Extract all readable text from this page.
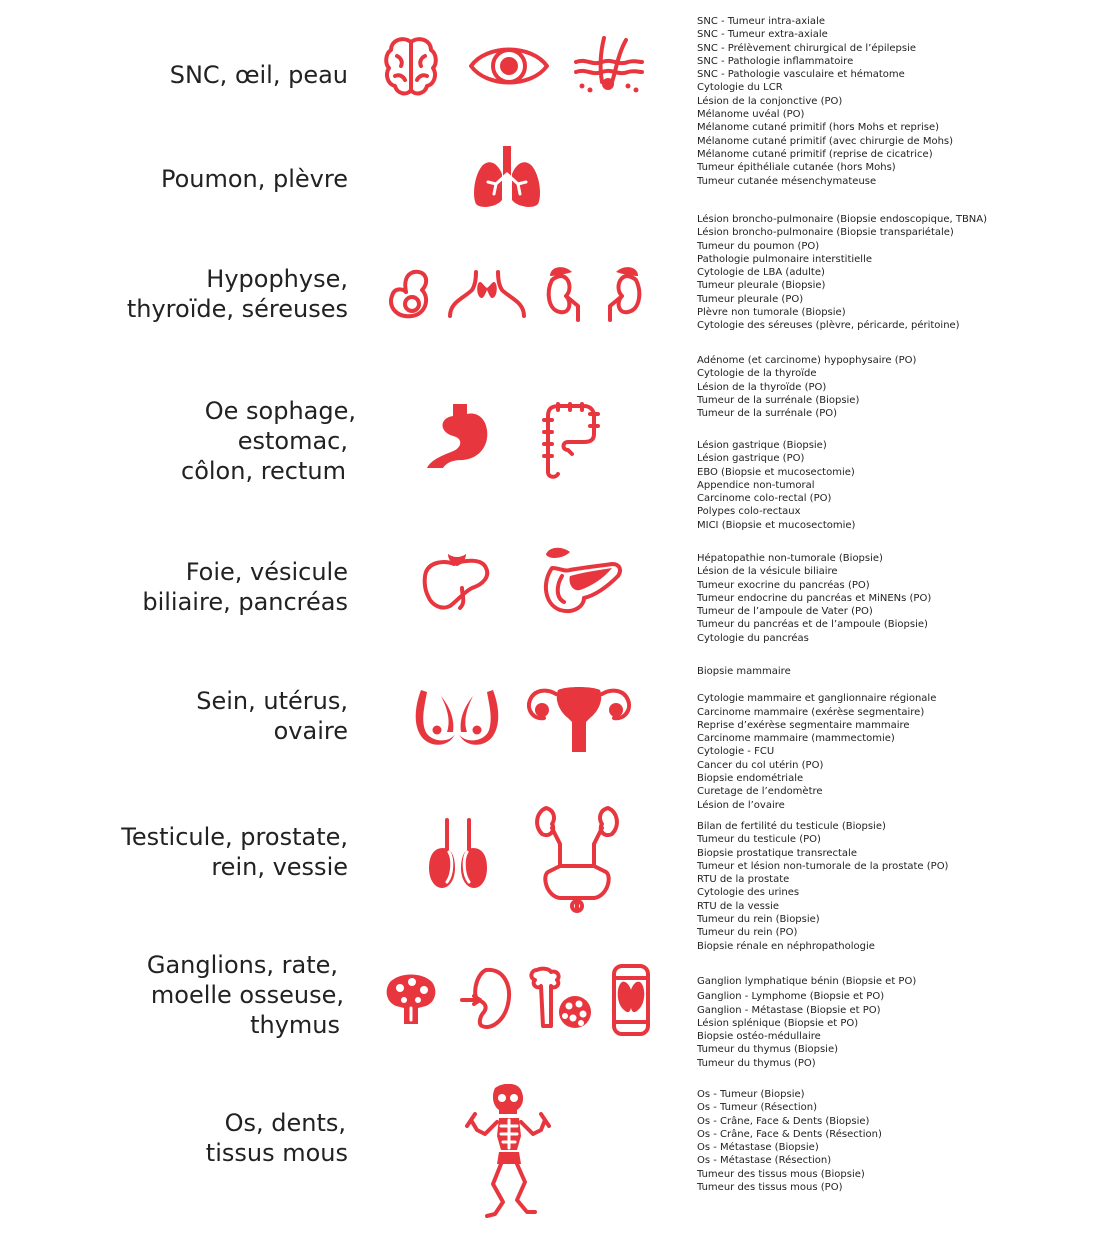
SNC, œil, peau
SNC - Tumeur intra-axiale
SNC - Tumeur extra-axiale
SNC - Prélèvement chirurgical de l’épilepsie
SNC - Pathologie inflammatoire
SNC - Pathologie vasculaire et hématome
Cytologie du LCR
Lésion de la conjonctive (PO)
Mélanome uvéal (PO)
Mélanome cutané primitif (hors Mohs et reprise)
Mélanome cutané primitif (avec chirurgie de Mohs)
Mélanome cutané primitif (reprise de cicatrice)
Tumeur épithéliale cutanée (hors Mohs)
Tumeur cutanée mésenchymateuse
Poumon, plèvre
Lésion broncho-pulmonaire (Biopsie endoscopique, TBNA)
Lésion broncho-pulmonaire (Biopsie transpariétale)
Tumeur du poumon (PO)
Pathologie pulmonaire interstitielle
Cytologie de LBA (adulte)
Tumeur pleurale (Biopsie)
Tumeur pleurale (PO)
Plèvre non tumorale (Biopsie)
Cytologie des séreuses (plèvre, péricarde, péritoine)
Hypophyse,
thyroïde, séreuses
Adénome (et carcinome) hypophysaire (PO)
Cytologie de la thyroïde
Lésion de la thyroïde (PO)
Tumeur de la surrénale (Biopsie)
Tumeur de la surrénale (PO)
Oe sophage,
estomac,
côlon, rectum
Lésion gastrique (Biopsie)
Lésion gastrique (PO)
EBO (Biopsie et mucosectomie)
Appendice non-tumoral
Carcinome colo-rectal (PO)
Polypes colo-rectaux
MICI (Biopsie et mucosectomie)
Foie, vésicule
biliaire, pancréas
Hépatopathie non-tumorale (Biopsie)
Lésion de la vésicule biliaire
Tumeur exocrine du pancréas (PO)
Tumeur endocrine du pancréas et MiNENs (PO)
Tumeur de l’ampoule de Vater (PO)
Tumeur du pancréas et de l’ampoule (Biopsie)
Cytologie du pancréas
Sein, utérus,
ovaire
Biopsie mammaire
Cytologie mammaire et ganglionnaire régionale
Carcinome mammaire (exérèse segmentaire)
Reprise d’exérèse segmentaire mammaire
Carcinome mammaire (mammectomie)
Cytologie - FCU
Cancer du col utérin (PO)
Biopsie endométriale
Curetage de l’endomètre
Lésion de l’ovaire
Testicule, prostate,
rein, vessie
Bilan de fertilité du testicule (Biopsie)
Tumeur du testicule (PO)
Biopsie prostatique transrectale
Tumeur et lésion non-tumorale de la prostate (PO)
RTU de la prostate
Cytologie des urines
RTU de la vessie
Tumeur du rein (Biopsie)
Tumeur du rein (PO)
Biopsie rénale en néphropathologie
Ganglions, rate,
moelle osseuse,
thymus
Ganglion lymphatique bénin (Biopsie et PO)
Ganglion - Lymphome (Biopsie et PO)
Ganglion - Métastase (Biopsie et PO)
Lésion splénique (Biopsie et PO)
Biopsie ostéo-médullaire
Tumeur du thymus (Biopsie)
Tumeur du thymus (PO)
Os, dents,
tissus mous
Os - Tumeur (Biopsie)
Os - Tumeur (Résection)
Os - Crâne, Face & Dents (Biopsie)
Os - Crâne, Face & Dents (Résection)
Os - Métastase (Biopsie)
Os - Métastase (Résection)
Tumeur des tissus mous (Biopsie)
Tumeur des tissus mous (PO)
